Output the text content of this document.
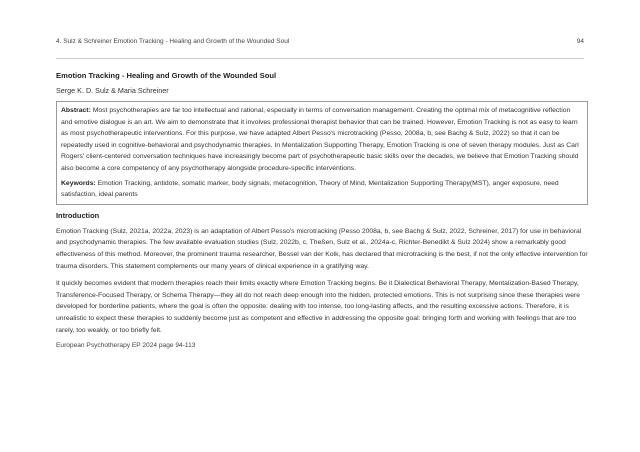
4. Sulz & Schreiner Emotion Tracking - Healing and Growth of the Wounded Soul	94
Emotion Tracking - Healing and Growth of the Wounded Soul
Serge K. D. Sulz & Maria Schreiner

Abstract: Most psychotherapies are far too intellectual and rational, especially in terms of conversation management. Creating the optimal mix of metacognitive reflection and emotive dialogue is an art. We aim to demonstrate that it involves professional therapist behavior that can be trained. However, Emotion Tracking is not as easy to learn as most psychotherapeutic interventions. For this purpose, we have adapted Albert Pesso's microtracking (Pesso, 2008a, b, see Bachg & Sulz, 2022) so that it can be repeatedly used in cognitive-behavioral and psychodynamic therapies. In Mentalization Supporting Therapy, Emotion Tracking is one of seven therapy modules. Just as Carl Rogers' client-centered conversation techniques have increasingly become part of psychotherapeutic basic skills over the decades, we believe that Emotion Tracking should also become a core competency of any psychotherapy alongside procedure-specific interventions.

Keywords: Emotion Tracking, antidote, somatic marker, body signals, metacognition, Theory of Mind, Mentalization Supporting Therapy(MST), anger exposure, need satisfaction, ideal parents

Introduction

Emotion Tracking (Sulz, 2021a, 2022a, 2023) is an adaptation of Albert Pesso's microtracking (Pesso 2008a, b, see Bachg & Sulz, 2022, Schreiner, 2017) for use in behavioral and psychodynamic therapies. The few available evaluation studies (Sulz, 2022b, c, Theßen, Sulz et al., 2024a-c, Richter-Benedikt & Sulz 2024) show a remarkably good effectiveness of this method. Moreover, the prominent trauma researcher, Bessel van der Kolk, has declared that microtracking is the best, if not the only effective intervention for trauma disorders. This statement complements our many years of clinical experience in a gratifying way.

It quickly becomes evident that modern therapies reach their limits exactly where Emotion Tracking begins. Be it Dialectical Behavioral Therapy, Mentalization-Based Therapy, Transference-Focused Therapy, or Schema Therapy—they all do not reach deep enough into the hidden, protected emotions. This is not surprising since these therapies were developed for borderline patients, where the goal is often the opposite: dealing with too intense, too long-lasting affects, and the resulting excessive actions. Therefore, it is unrealistic to expect these therapies to suddenly become just as competent and effective in addressing the opposite goal: bringing forth and working with feelings that are too rarely, too weakly, or too briefly felt.

European Psychotherapy EP 2024 page 94-113
